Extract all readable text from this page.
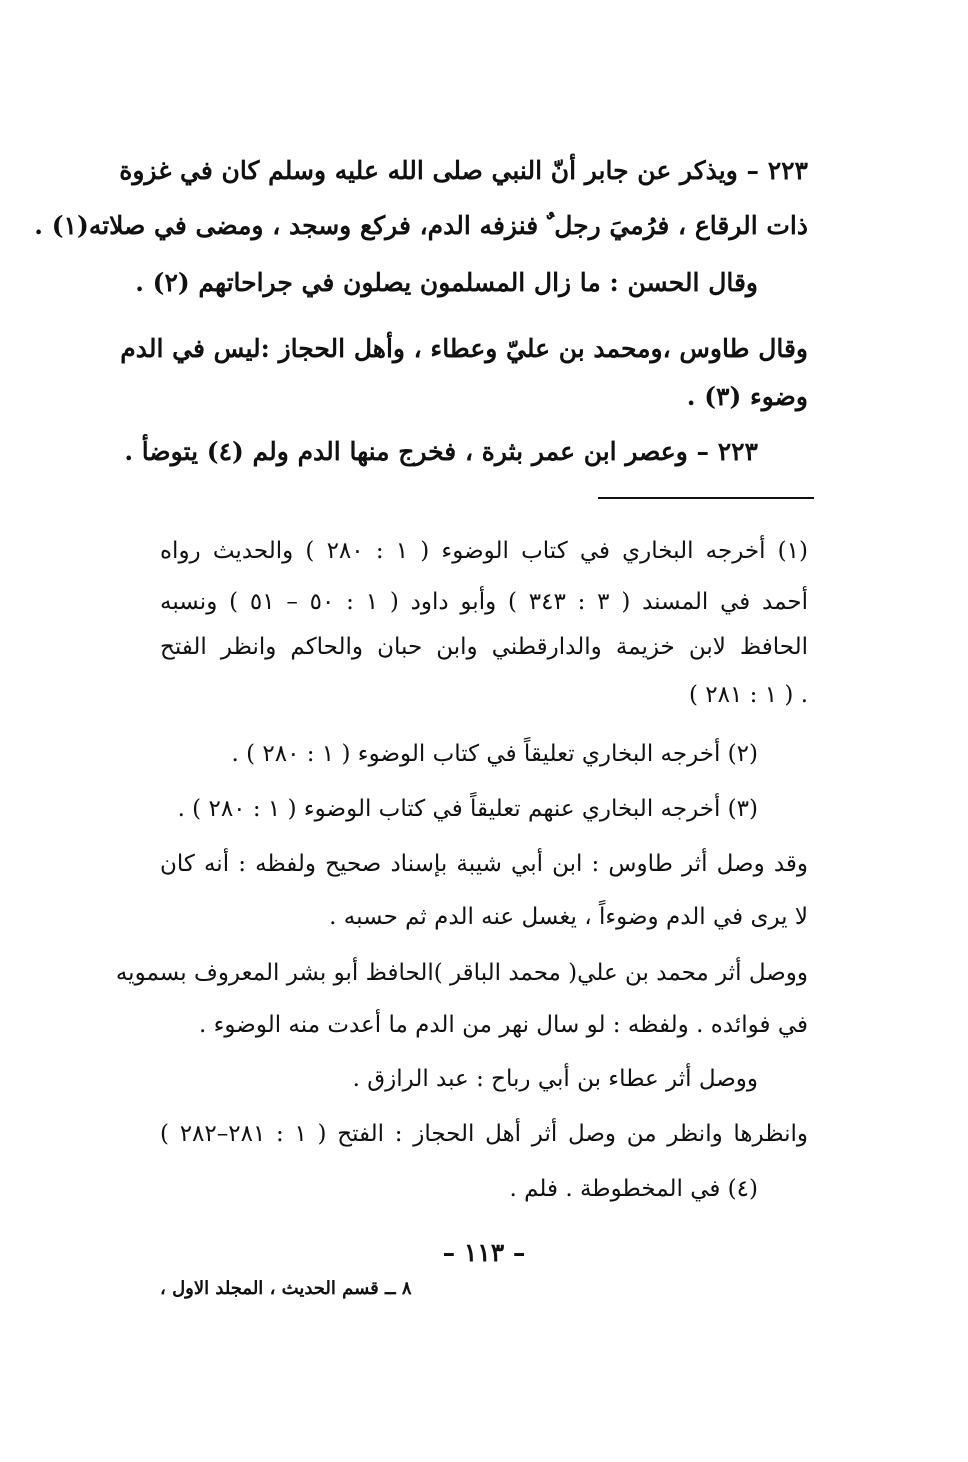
٢٢٣ – ويذكر عن جابر أنّ النبي صلى الله عليه وسلم كان في غزوة

ذات الرقاع ، فرُميَ رجل ٌ فنزفه الدم، فركع وسجد ، ومضى في صلاته(١) .

وقال الحسن : ما زال المسلمون يصلون في جراحاتهم (٢) .

وقال طاوس ،ومحمد بن عليّ وعطاء ، وأهل الحجاز :ليس في الدم

وضوء (٣) .

٢٢٣ – وعصر ابن عمر بثرة ، فخرج منها الدم ولم (٤) يتوضأ .

(١) أخرجه البخاري في كتاب الوضوء ( ١ : ٢٨٠ ) والحديث رواه

أحمد في المسند ( ٣ : ٣٤٣ ) وأبو داود ( ١ : ٥٠ – ٥١ ) ونسبه

الحافظ لابن خزيمة والدارقطني وابن حبان والحاكم وانظر الفتح

( ١ : ٢٨١ ) .

(٢) أخرجه البخاري تعليقاً في كتاب الوضوء ( ١ : ٢٨٠ ) .

(٣) أخرجه البخاري عنهم تعليقاً في كتاب الوضوء ( ١ : ٢٨٠ ) .

وقد وصل أثر طاوس : ابن أبي شيبة بإسناد صحيح ولفظه : أنه كان

لا يرى في الدم وضوءاً ، يغسل عنه الدم ثم حسبه .

ووصل أثر محمد بن علي( محمد الباقر )الحافظ أبو بشر المعروف بسمويه

في فوائده . ولفظه : لو سال نهر من الدم ما أعدت منه الوضوء .

ووصل أثر عطاء بن أبي رباح : عبد الرازق .

وانظرها وانظر من وصل أثر أهل الحجاز : الفتح ( ١ : ٢٨١–٢٨٢ )

(٤) في المخطوطة . فلم .

– ١١٣ –
٨ ــ قسم الحديث ، المجلد الاول ،
